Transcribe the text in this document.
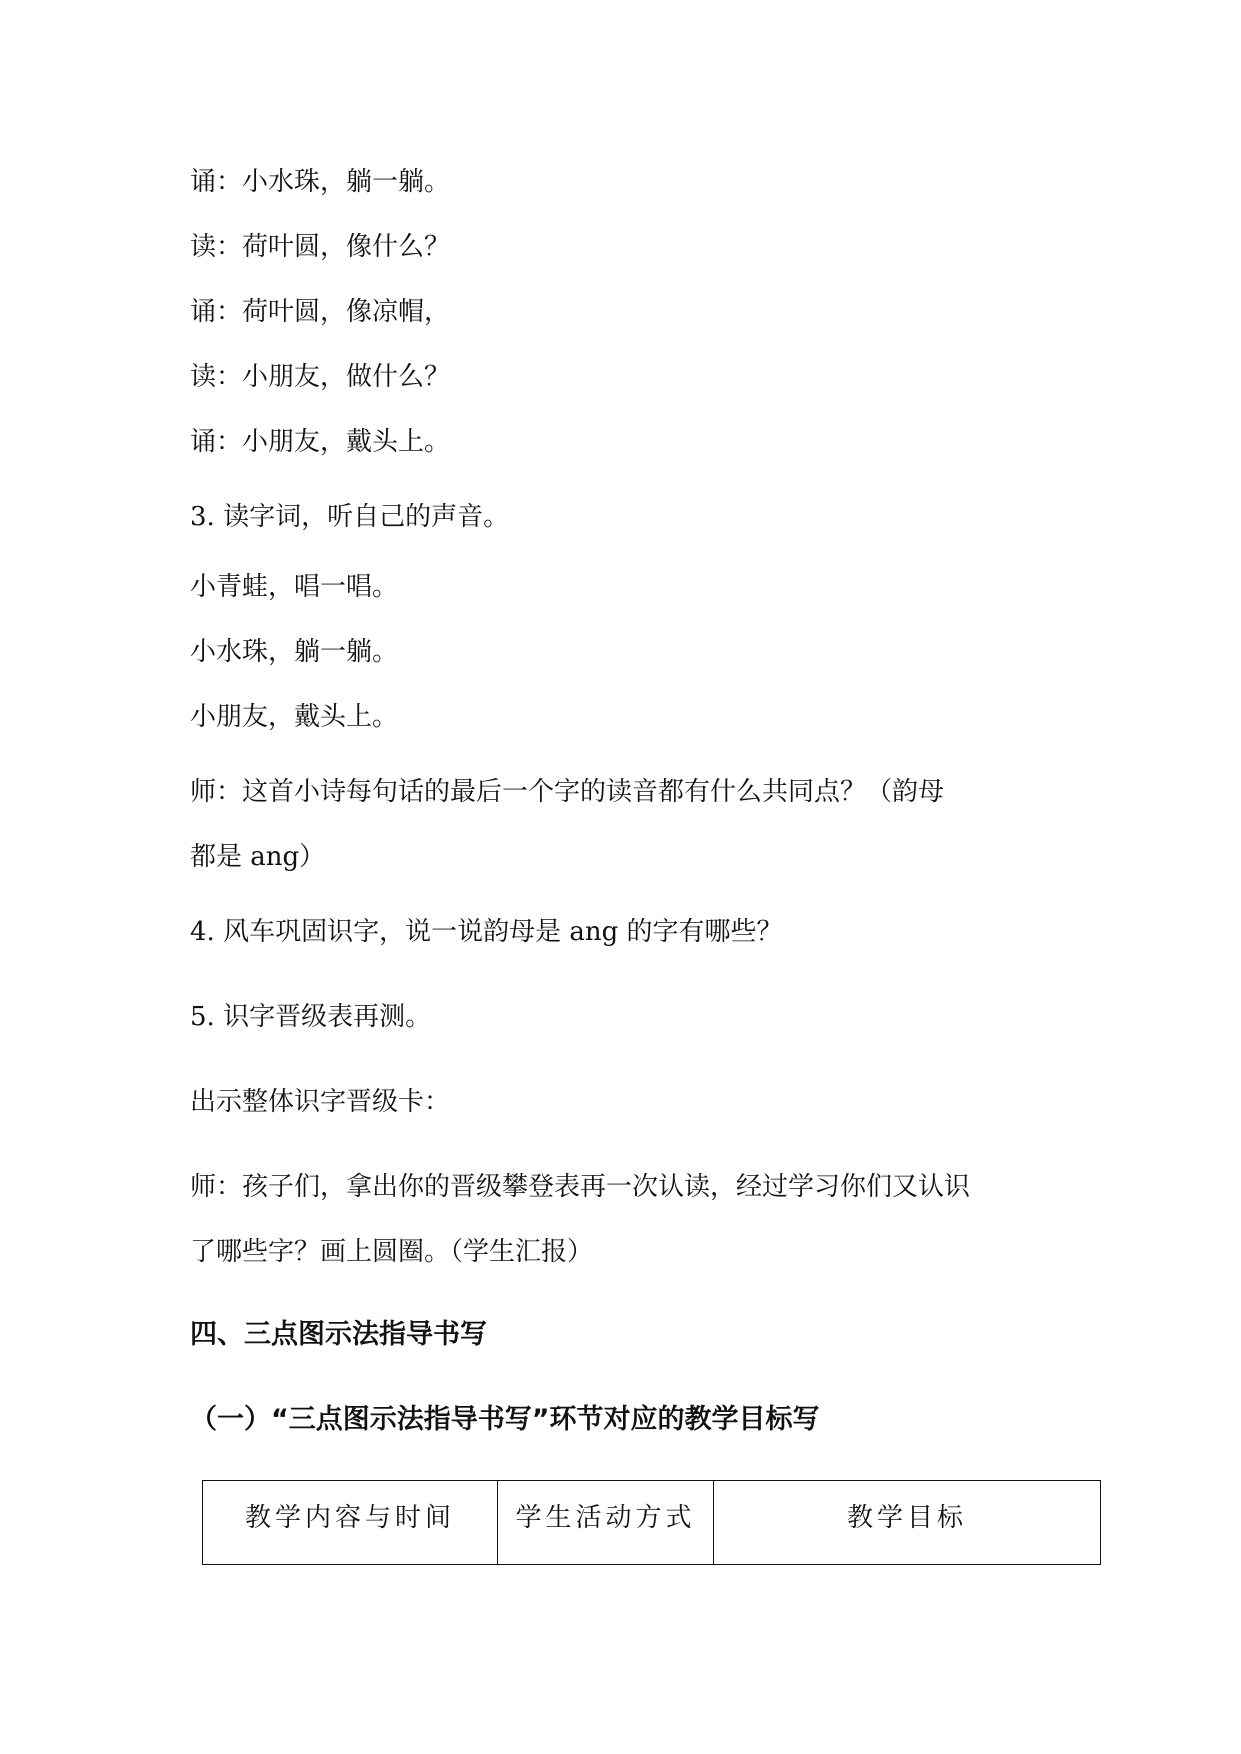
诵：小水珠，躺一躺。

读：荷叶圆，像什么？

诵：荷叶圆，像凉帽，

读：小朋友，做什么？

诵：小朋友，戴头上。

3. 读字词，听自己的声音。

小青蛙，唱一唱。

小水珠，躺一躺。

小朋友，戴头上。

师：这首小诗每句话的最后一个字的读音都有什么共同点？（韵母

都是 ang）

4. 风车巩固识字，说一说韵母是 ang 的字有哪些？

5. 识字晋级表再测。

出示整体识字晋级卡：

师：孩子们，拿出你的晋级攀登表再一次认读，经过学习你们又认识

了哪些字？画上圆圈。（学生汇报）

四、三点图示法指导书写
（一）“三点图示法指导书写”环节对应的教学目标写
教学内容与时间	学生活动方式	教学目标
